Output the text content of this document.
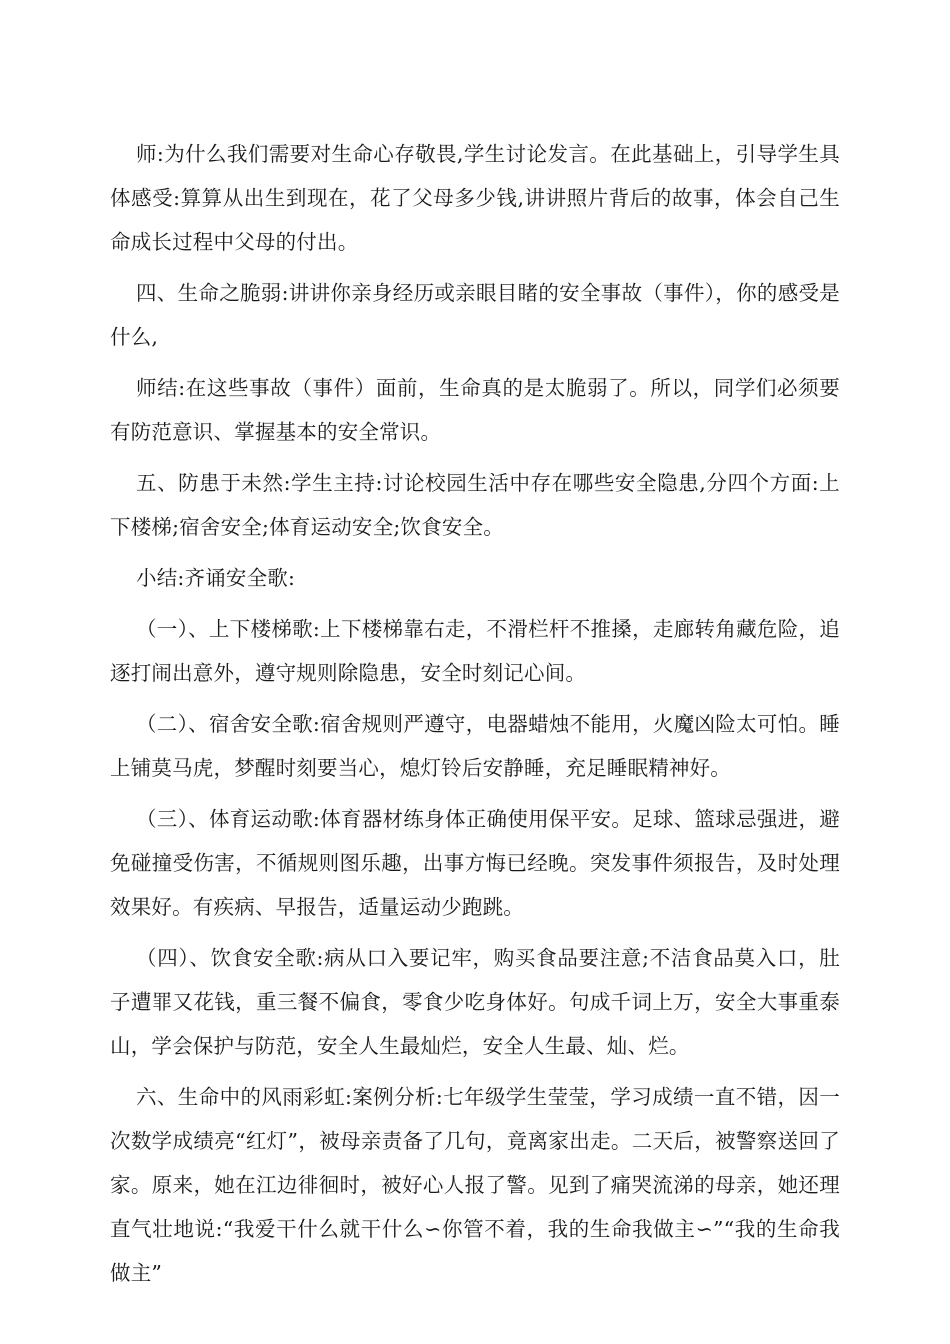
师:为什么我们需要对生命心存敬畏,学生讨论发言。在此基础上，引导学生具体感受:算算从出生到现在，花了父母多少钱,讲讲照片背后的故事，体会自己生命成长过程中父母的付出。

四、生命之脆弱:讲讲你亲身经历或亲眼目睹的安全事故（事件），你的感受是什么,

师结:在这些事故（事件）面前，生命真的是太脆弱了。所以，同学们必须要有防范意识、掌握基本的安全常识。

五、防患于未然:学生主持:讨论校园生活中存在哪些安全隐患,分四个方面:上下楼梯;宿舍安全;体育运动安全;饮食安全。

小结:齐诵安全歌:

（一）、上下楼梯歌:上下楼梯靠右走，不滑栏杆不推搡，走廊转角藏危险，追逐打闹出意外，遵守规则除隐患，安全时刻记心间。

（二）、宿舍安全歌:宿舍规则严遵守，电器蜡烛不能用，火魔凶险太可怕。睡上铺莫马虎，梦醒时刻要当心，熄灯铃后安静睡，充足睡眠精神好。

（三）、体育运动歌:体育器材练身体正确使用保平安。足球、篮球忌强进，避免碰撞受伤害，不循规则图乐趣，出事方悔已经晚。突发事件须报告，及时处理效果好。有疾病、早报告，适量运动少跑跳。

（四）、饮食安全歌:病从口入要记牢，购买食品要注意;不洁食品莫入口，肚子遭罪又花钱，重三餐不偏食，零食少吃身体好。句成千词上万，安全大事重泰山，学会保护与防范，安全人生最灿烂，安全人生最、灿、烂。

六、生命中的风雨彩虹:案例分析:七年级学生莹莹，学习成绩一直不错，因一次数学成绩亮“红灯”，被母亲责备了几句，竟离家出走。二天后，被警察送回了家。原来，她在江边徘徊时，被好心人报了警。见到了痛哭流涕的母亲，她还理直气壮地说:“我爱干什么就干什么∽你管不着，我的生命我做主∽”“我的生命我做主”
